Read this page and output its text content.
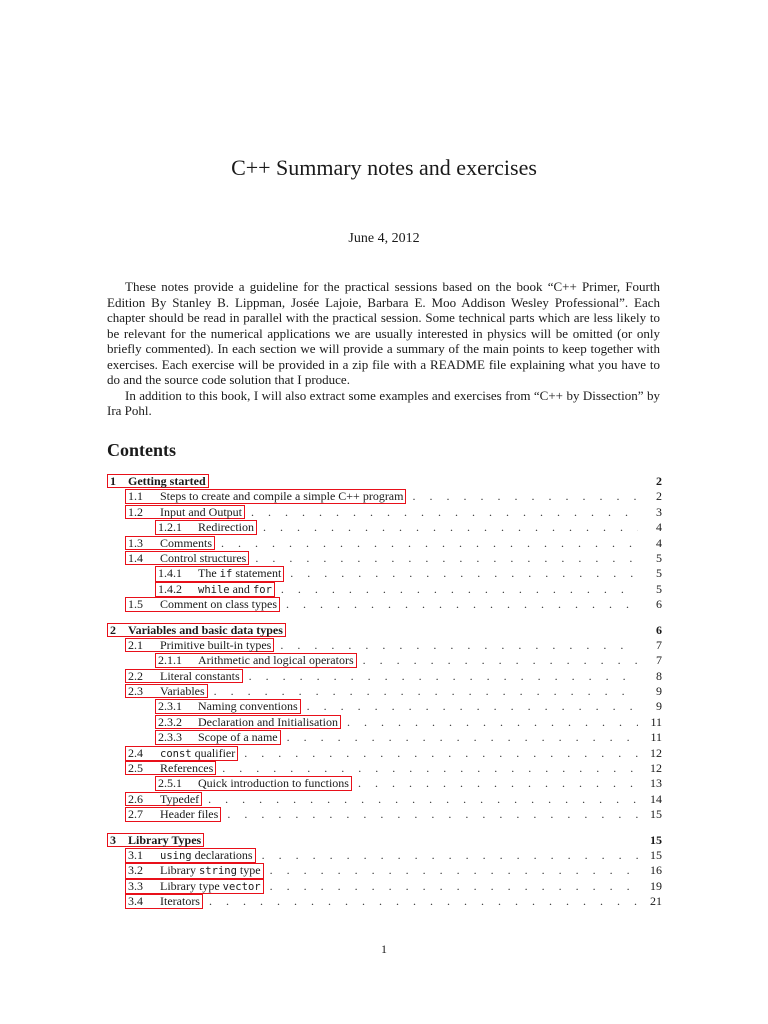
C++ Summary notes and exercises
June 4, 2012

These notes provide a guideline for the practical sessions based on the book “C++ Primer, Fourth Edition By Stanley B. Lippman, Josée Lajoie, Barbara E. Moo Addison Wesley Professional”. Each chapter should be read in parallel with the practical session. Some technical parts which are less likely to be relevant for the numerical applications we are usually interested in physics will be omitted (or only briefly commented). In each section we will provide a summary of the main points to keep together with exercises. Each exercise will be provided in a zip file with a README file explaining what you have to do and the source code solution that I produce.

In addition to this book, I will also extract some examples and exercises from “C++ by Dissection” by Ira Pohl.

Contents
1	Getting started	2
1.1	Steps to create and compile a simple C++ program . . .	2
1.2	Input and Output . . .	3
1.2.1	Redirection . . .	4
1.3	Comments . . .	4
1.4	Control structures . . .	5
1.4.1	The if statement . . .	5
1.4.2	while and for . . .	5
1.5	Comment on class types . . .	6
2	Variables and basic data types	6
2.1	Primitive built-in types . . .	7
2.1.1	Arithmetic and logical operators . . .	7
2.2	Literal constants . . .	8
2.3	Variables . . .	9
2.3.1	Naming conventions . . .	9
2.3.2	Declaration and Initialisation . . .	11
2.3.3	Scope of a name . . .	11
2.4	const qualifier . . .	12
2.5	References . . .	12
2.5.1	Quick introduction to functions . . .	13
2.6	Typedef . . .	14
2.7	Header files . . .	15
3	Library Types	15
3.1	using declarations . . .	15
3.2	Library string type . . .	16
3.3	Library type vector . . .	19
3.4	Iterators . . .	21
1
